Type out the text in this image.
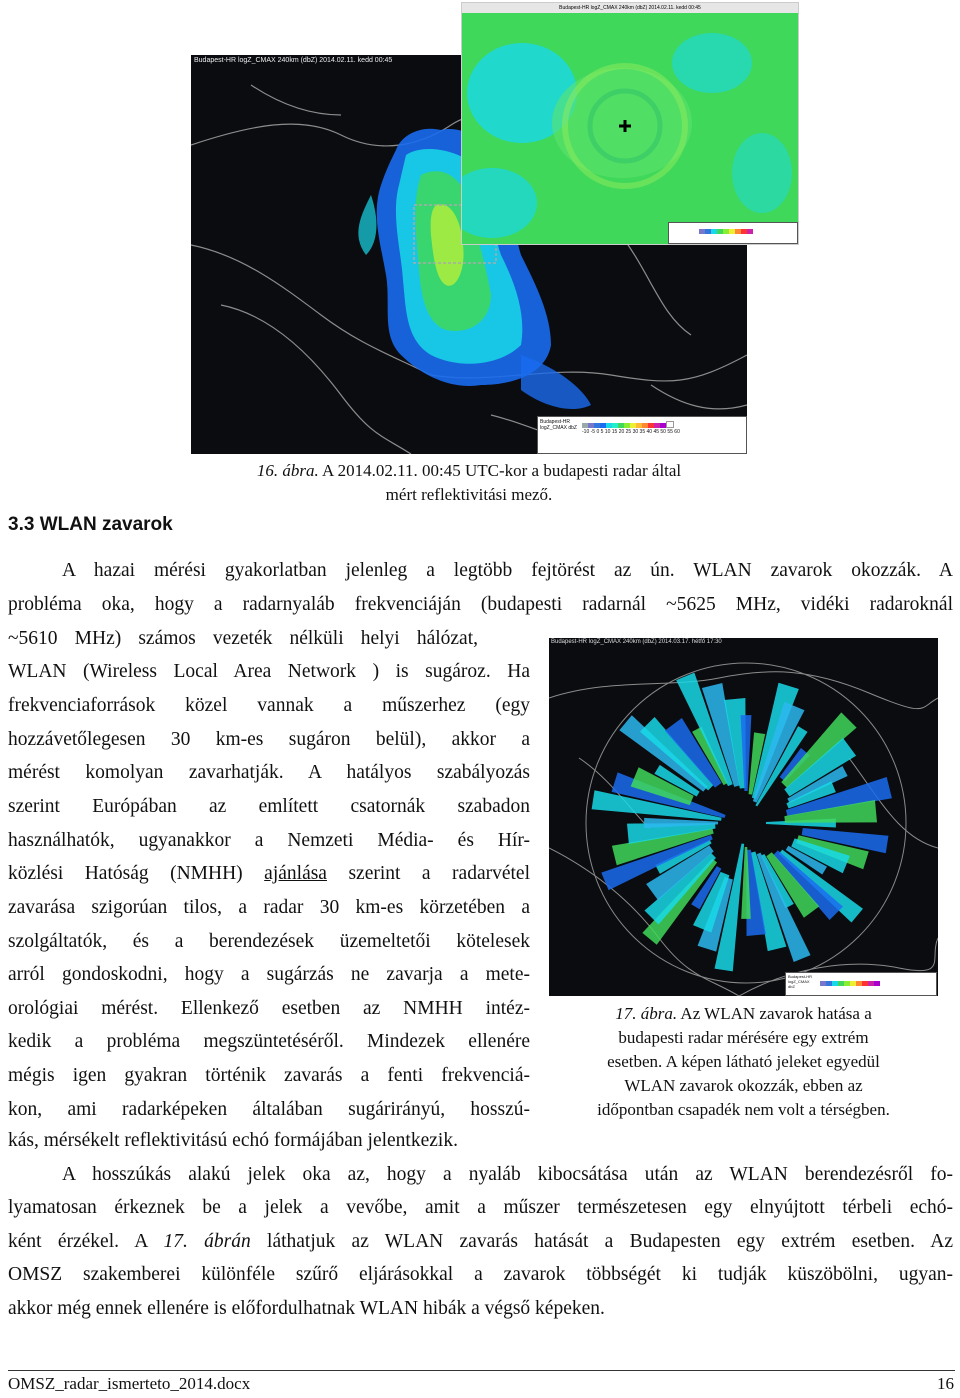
Budapest-HR logZ_CMAX 240km (dbZ) 2014.02.11. kedd 00:45
Budapest-HR logZ_CMAX dbZ
-10 -5 0 5 10 15 20 25 30 35 40 45 50 55 60
Budapest-HR logZ_CMAX 240km (dbZ) 2014.02.11. kedd 00:45
16. ábra. A 2014.02.11. 00:45 UTC-kor a budapesti radar által
mért reflektivitási mező.
3.3 WLAN zavarok
A hazai mérési gyakorlatban jelenleg a legtöbb fejtörést az ún. WLAN zavarok okozzák. A
probléma oka, hogy a radarnyaláb frekvenciáján (budapesti radarnál ~5625 MHz, vidéki radaroknál
~5610 MHz) számos vezeték nélküli helyi hálózat,
WLAN (Wireless Local Area Network ) is sugároz. Ha
frekvenciaforrások közel vannak a műszerhez (egy
hozzávetőlegesen 30 km-es sugáron belül), akkor a
mérést komolyan zavarhatják. A hatályos szabályozás
szerint Európában az említett csatornák szabadon
használhatók, ugyanakkor a Nemzeti Média- és Hír-
közlési Hatóság (NMHH) ajánlása szerint a radarvétel
zavarása szigorúan tilos, a radar 30 km-es körzetében a
szolgáltatók, és a berendezések üzemeltetői kötelesek
arról gondoskodni, hogy a sugárzás ne zavarja a mete-
orológiai mérést. Ellenkező esetben az NMHH intéz-
kedik a probléma megszüntetéséről. Mindezek ellenére
mégis igen gyakran történik zavarás a fenti frekvenciá-
kon, ami radarképeken általában sugárirányú, hosszú-
kás, mérsékelt reflektivitású echó formájában jelentkezik.
Budapest-HR logZ_CMAX 240km (dbZ) 2014.03.17. hétfő 17:30
Budapest-HR logZ_CMAX dbZ
17. ábra. Az WLAN zavarok hatása a
budapesti radar mérésére egy extrém
esetben. A képen látható jeleket egyedül
WLAN zavarok okozzák, ebben az
időpontban csapadék nem volt a térségben.
A hosszúkás alakú jelek oka az, hogy a nyaláb kibocsátása után az WLAN berendezésről fo-
lyamatosan érkeznek be a jelek a vevőbe, amit a műszer természetesen egy elnyújtott térbeli echó-
ként érzékel. A 17. ábrán láthatjuk az WLAN zavarás hatását a Budapesten egy extrém esetben. Az
OMSZ szakemberei különféle szűrő eljárásokkal a zavarok többségét ki tudják küszöbölni, ugyan-
akkor még ennek ellenére is előfordulhatnak WLAN hibák a végső képeken.
OMSZ_radar_ismerteto_2014.docx	16
